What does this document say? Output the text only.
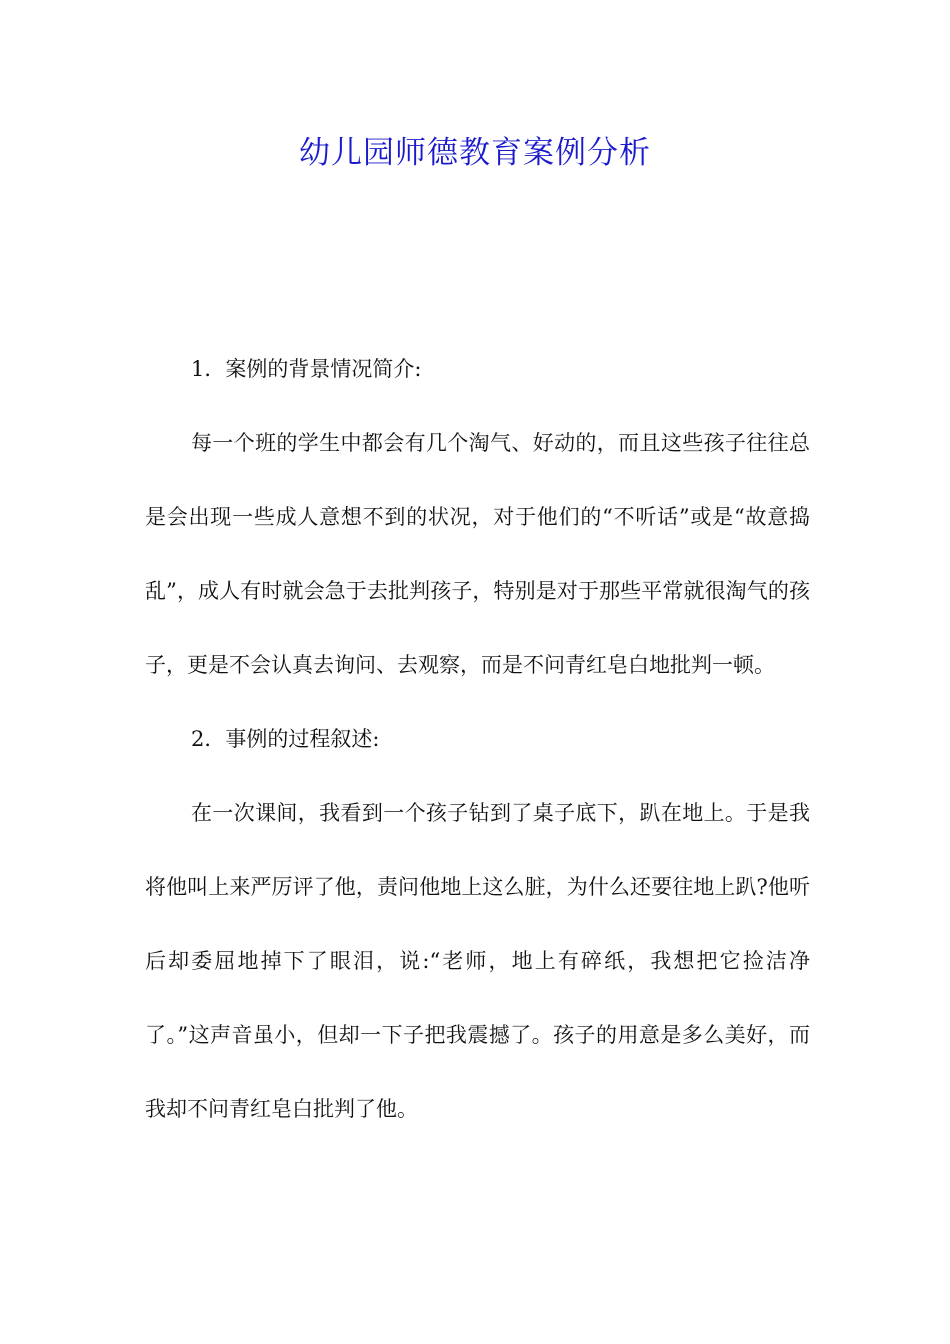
幼儿园师德教育案例分析

1．案例的背景情况简介:

每一个班的学生中都会有几个淘气、好动的，而且这些孩子往往总是会出现一些成人意想不到的状况，对于他们的“不听话”或是“故意捣乱”，成人有时就会急于去批判孩子，特别是对于那些平常就很淘气的孩子，更是不会认真去询问、去观察，而是不问青红皂白地批判一顿。

2．事例的过程叙述:

在一次课间，我看到一个孩子钻到了桌子底下，趴在地上。于是我将他叫上来严厉评了他，责问他地上这么脏，为什么还要往地上趴?他听后却委屈地掉下了眼泪，说:“老师，地上有碎纸，我想把它捡洁净了。”这声音虽小，但却一下子把我震撼了。孩子的用意是多么美好，而我却不问青红皂白批判了他。
